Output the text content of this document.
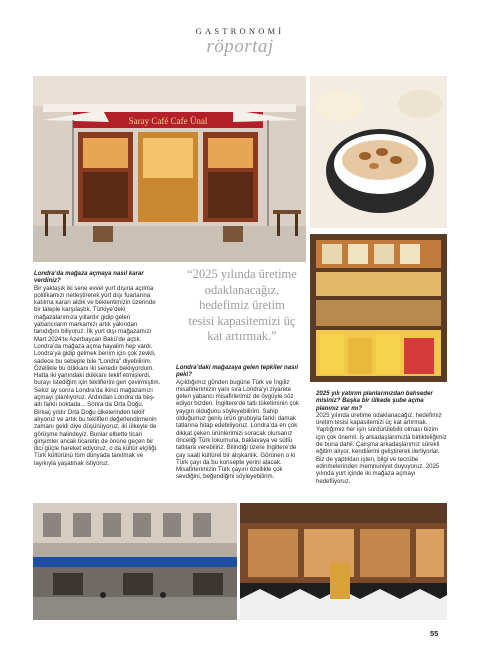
GASTRONOMİ
röportaj
Saray Café Cafe Ünal

“2025 yılında üretime odaklanacağız, hedefimiz üretim tesisi kapasitemizi üç kat artırmak.”

Londra’da mağaza açmaya nasıl karar verdiniz?

Bir yaklaşık iki sene evvel yurt dışına açılma politikamızı netleştirerek yurt dışı fuarlarına katılma kararı aldık ve beklentimizin üzerinde bir taleple karşılaştık. Türkiye’deki mağazalarımıza yıllardır gidip gelen yabancıların markamızı artık yakından tanıdığını biliyoruz. İlk yurt dışı mağazamızı Mart 2024’te Azerbaycan Bakü’de açtık. Londra’da mağaza açma hayalim hep vardı. Londra’ya gidip gelmek benim için çok zevkli, sadece bu sebeple bile “Londra” diyebilirim. Özellikle bu dükkanı iki senedir bekliyordum. Hatta iki yanındaki dükkanı teklif etmişlerdi, burayı istediğim için tekliflerini geri çevirmiştim. Sekiz ay sonra Londra’da ikinci mağazamızı açmayı planlıyoruz. Ardından Londra’da beş-altı farklı noktada... Sonra da Orta Doğu. Birkaç yıldır Orta Doğu ülkelerinden teklif alıyoruz ve artık bu teklifleri değerlendirmenin zamanı geldi diye düşünüyoruz, iki ülkeyle de görüşme halindeyiz. Bunlar elbette ticari girişimler ancak ticaretin de önüne geçen bir itici güçle hareket ediyoruz, o da kültür elçiliği. Türk kültürünü tüm dünyada tanıtmak ve layıkıyla yaşatmak istiyoruz.

Londra’daki mağazaya gelen tepkiler nasıl peki?

Açıldığımız günden bugüne Türk ve İngiliz misafirlerimizin yanı sıra Londra’yı ziyarete gelen yabancı misafirlerimiz de övgüyle söz ediyor bizden. İngiltere’de tatlı tüketiminin çok yaygın olduğunu söyleyebilirim. Sahip olduğumuz geniş ürün grubuyla farklı damak tatlarına hitap edebiliyoruz. Londra’da en çok dikkat çeken ürünlerimizi soracak olursanız önceliği Türk lokumuna, baklavaya ve sütlü tatlılara verebiliriz. Bilindiği üzere İngiltere’de çay saati kültürel bir alışkanlık. Görünen o ki Türk çayı da bu konsepte yerini alacak. Misafirlerimizin Türk çayını özellikle çok sevdiğini, beğendiğini söyleyebilirim.

2025 yılı yatırım planlarınızdan bahseder misiniz? Başka bir ülkede şube açma planınız var mı?

2025 yılında üretime odaklanacağız, hedefimiz üretim tesisi kapasitemizi üç kat artırmak. Yaptığımız her işin sürdürülebilir olması bizim için çok önemli. İş arkadaşlarımızla birlikteliğimiz de buna dahil. Çalışma arkadaşlarımız sürekli eğitim alıyor, kendilerini geliştirerek ilerliyorlar. Biz de yaptıkları işten, bilgi ve tecrübe edinmelerinden memnuniyet duyuyoruz. 2025 yılında yurt içinde iki mağaza açmayı hedefliyoruz.

55
